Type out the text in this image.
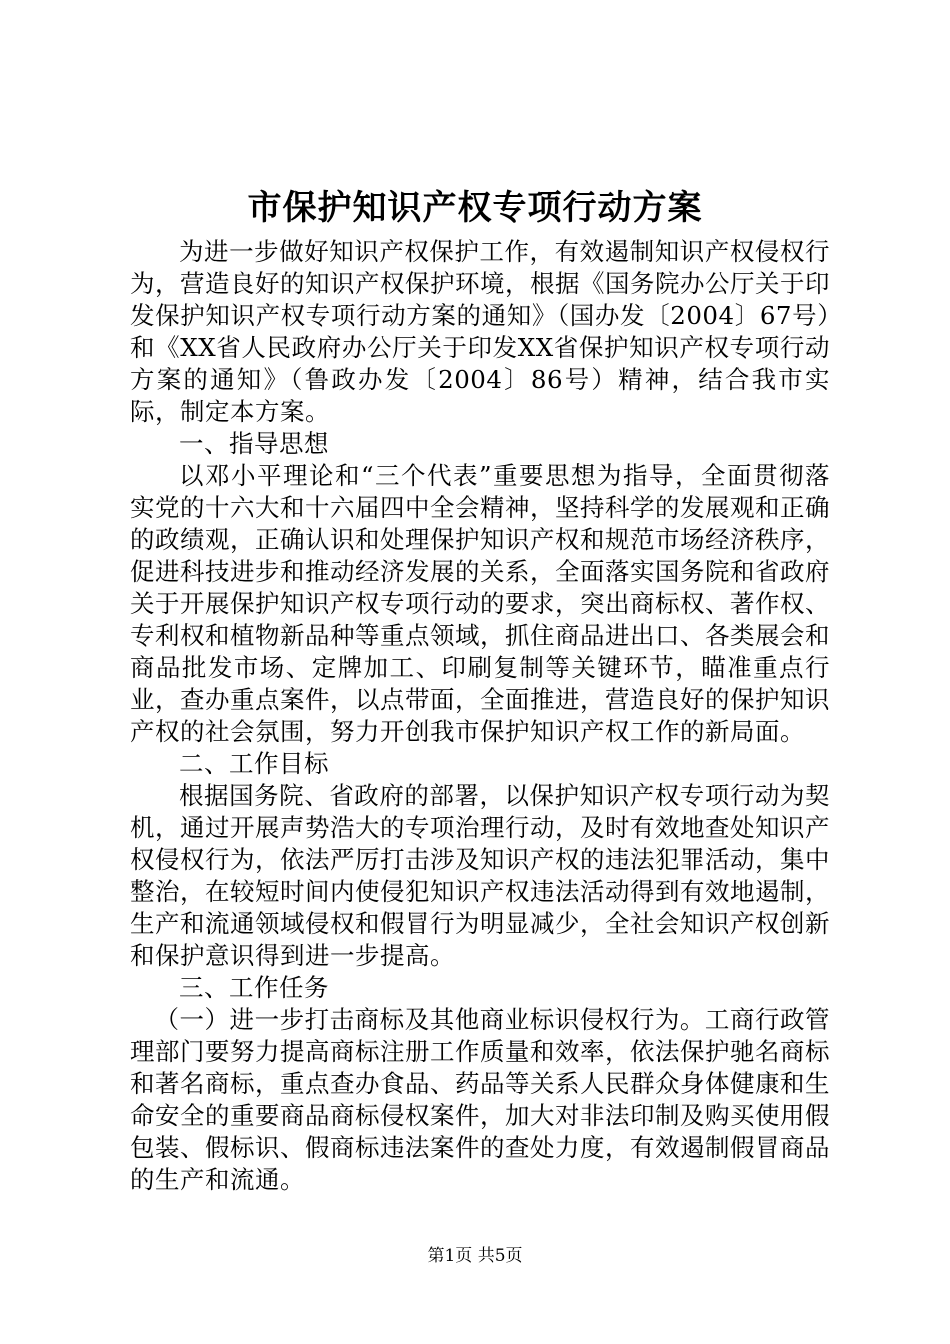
市保护知识产权专项行动方案

为进一步做好知识产权保护工作，有效遏制知识产权侵权行为，营造良好的知识产权保护环境，根据《国务院办公厅关于印发保护知识产权专项行动方案的通知》（国办发〔2004〕67号）和《XX省人民政府办公厅关于印发XX省保护知识产权专项行动方案的通知》（鲁政办发〔2004〕86号）精神，结合我市实际，制定本方案。

一、指导思想

以邓小平理论和“三个代表”重要思想为指导，全面贯彻落实党的十六大和十六届四中全会精神，坚持科学的发展观和正确的政绩观，正确认识和处理保护知识产权和规范市场经济秩序，促进科技进步和推动经济发展的关系，全面落实国务院和省政府关于开展保护知识产权专项行动的要求，突出商标权、著作权、专利权和植物新品种等重点领域，抓住商品进出口、各类展会和商品批发市场、定牌加工、印刷复制等关键环节，瞄准重点行业，查办重点案件，以点带面，全面推进，营造良好的保护知识产权的社会氛围，努力开创我市保护知识产权工作的新局面。

二、工作目标

根据国务院、省政府的部署，以保护知识产权专项行动为契机，通过开展声势浩大的专项治理行动，及时有效地查处知识产权侵权行为，依法严厉打击涉及知识产权的违法犯罪活动，集中整治，在较短时间内使侵犯知识产权违法活动得到有效地遏制，生产和流通领域侵权和假冒行为明显减少，全社会知识产权创新和保护意识得到进一步提高。

三、工作任务

（一）进一步打击商标及其他商业标识侵权行为。工商行政管理部门要努力提高商标注册工作质量和效率，依法保护驰名商标和著名商标，重点查办食品、药品等关系人民群众身体健康和生命安全的重要商品商标侵权案件，加大对非法印制及购买使用假包装、假标识、假商标违法案件的查处力度，有效遏制假冒商品的生产和流通。

第1页 共5页
